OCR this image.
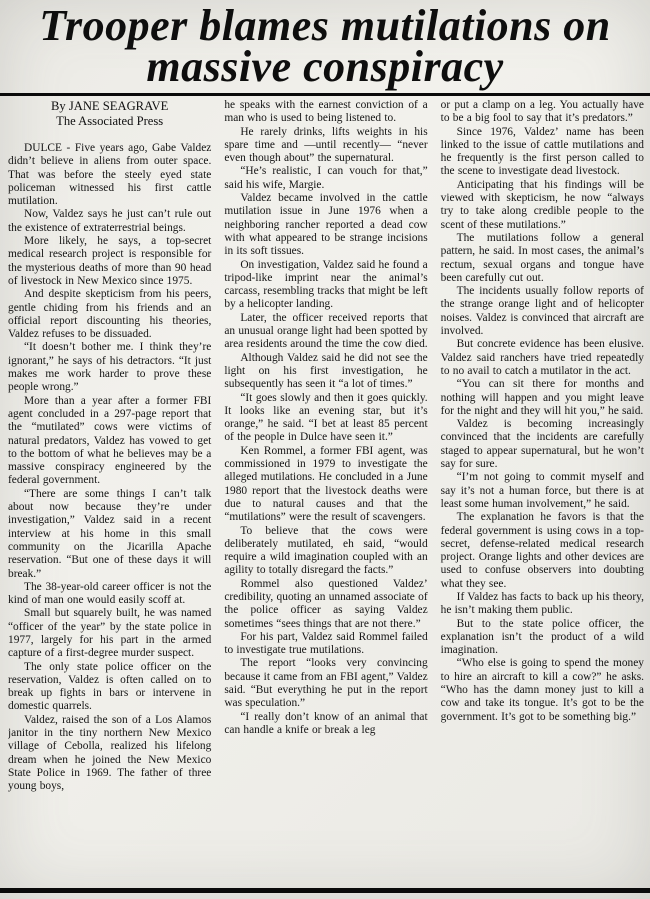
Trooper blames mutilations on
massive conspiracy
By JANE SEAGRAVE
The Associated Press

DULCE - Five years ago, Gabe Valdez didn’t believe in aliens from outer space. That was before the steely eyed state policeman witnessed his first cattle mutilation.

Now, Valdez says he just can’t rule out the existence of extraterrestrial beings.

More likely, he says, a top-secret medical research project is responsible for the mysterious deaths of more than 90 head of livestock in New Mexico since 1975.

And despite skepticism from his peers, gentle chiding from his friends and an official report discounting his theories, Valdez refuses to be dissuaded.

“It doesn’t bother me. I think they’re ignorant,” he says of his detractors. “It just makes me work harder to prove these people wrong.”

More than a year after a former FBI agent concluded in a 297-page report that the “mutilated” cows were victims of natural predators, Valdez has vowed to get to the bottom of what he believes may be a massive conspiracy engineered by the federal government.

“There are some things I can’t talk about now because they’re under investigation,” Valdez said in a recent interview at his home in this small community on the Jicarilla Apache reservation. “But one of these days it will break.”

The 38-year-old career officer is not the kind of man one would easily scoff at.

Small but squarely built, he was named “officer of the year” by the state police in 1977, largely for his part in the armed capture of a first-degree murder suspect.

The only state police officer on the reservation, Valdez is often called on to break up fights in bars or intervene in domestic quarrels.

Valdez, raised the son of a Los Alamos janitor in the tiny northern New Mexico village of Cebolla, realized his lifelong dream when he joined the New Mexico State Police in 1969. The father of three young boys,

he speaks with the earnest conviction of a man who is used to being listened to.

He rarely drinks, lifts weights in his spare time and —until recently— “never even though about” the supernatural.

“He’s realistic, I can vouch for that,” said his wife, Margie.

Valdez became involved in the cattle mutilation issue in June 1976 when a neighboring rancher reported a dead cow with what appeared to be strange incisions in its soft tissues.

On investigation, Valdez said he found a tripod-like imprint near the animal’s carcass, resembling tracks that might be left by a helicopter landing.

Later, the officer received reports that an unusual orange light had been spotted by area residents around the time the cow died.

Although Valdez said he did not see the light on his first investigation, he subsequently has seen it “a lot of times.”

“It goes slowly and then it goes quickly. It looks like an evening star, but it’s orange,” he said. “I bet at least 85 percent of the people in Dulce have seen it.”

Ken Rommel, a former FBI agent, was commissioned in 1979 to investigate the alleged mutilations. He concluded in a June 1980 report that the livestock deaths were due to natural causes and that the “mutilations” were the result of scavengers.

To believe that the cows were deliberately mutilated, eh said, “would require a wild imagination coupled with an agility to totally disregard the facts.”

Rommel also questioned Valdez’ credibility, quoting an unnamed associate of the police officer as saying Valdez sometimes “sees things that are not there.”

For his part, Valdez said Rommel failed to investigate true mutilations.

The report “looks very convincing because it came from an FBI agent,” Valdez said. “But everything he put in the report was speculation.”

“I really don’t know of an animal that can handle a knife or break a leg

or put a clamp on a leg. You actually have to be a big fool to say that it’s predators.”

Since 1976, Valdez’ name has been linked to the issue of cattle mutilations and he frequently is the first person called to the scene to investigate dead livestock.

Anticipating that his findings will be viewed with skepticism, he now “always try to take along credible people to the scent of these mutilations.”

The mutilations follow a general pattern, he said. In most cases, the animal’s rectum, sexual organs and tongue have been carefully cut out.

The incidents usually follow reports of the strange orange light and of helicopter noises. Valdez is convinced that aircraft are involved.

But concrete evidence has been elusive. Valdez said ranchers have tried repeatedly to no avail to catch a mutilator in the act.

“You can sit there for months and nothing will happen and you might leave for the night and they will hit you,” he said.

Valdez is becoming increasingly convinced that the incidents are carefully staged to appear supernatural, but he won’t say for sure.

“I’m not going to commit myself and say it’s not a human force, but there is at least some human involvement,” he said.

The explanation he favors is that the federal government is using cows in a top-secret, defense-related medical research project. Orange lights and other devices are used to confuse observers into doubting what they see.

If Valdez has facts to back up his theory, he isn’t making them public.

But to the state police officer, the explanation isn’t the product of a wild imagination.

“Who else is going to spend the money to hire an aircraft to kill a cow?” he asks. “Who has the damn money just to kill a cow and take its tongue. It’s got to be the government. It’s got to be something big.”
